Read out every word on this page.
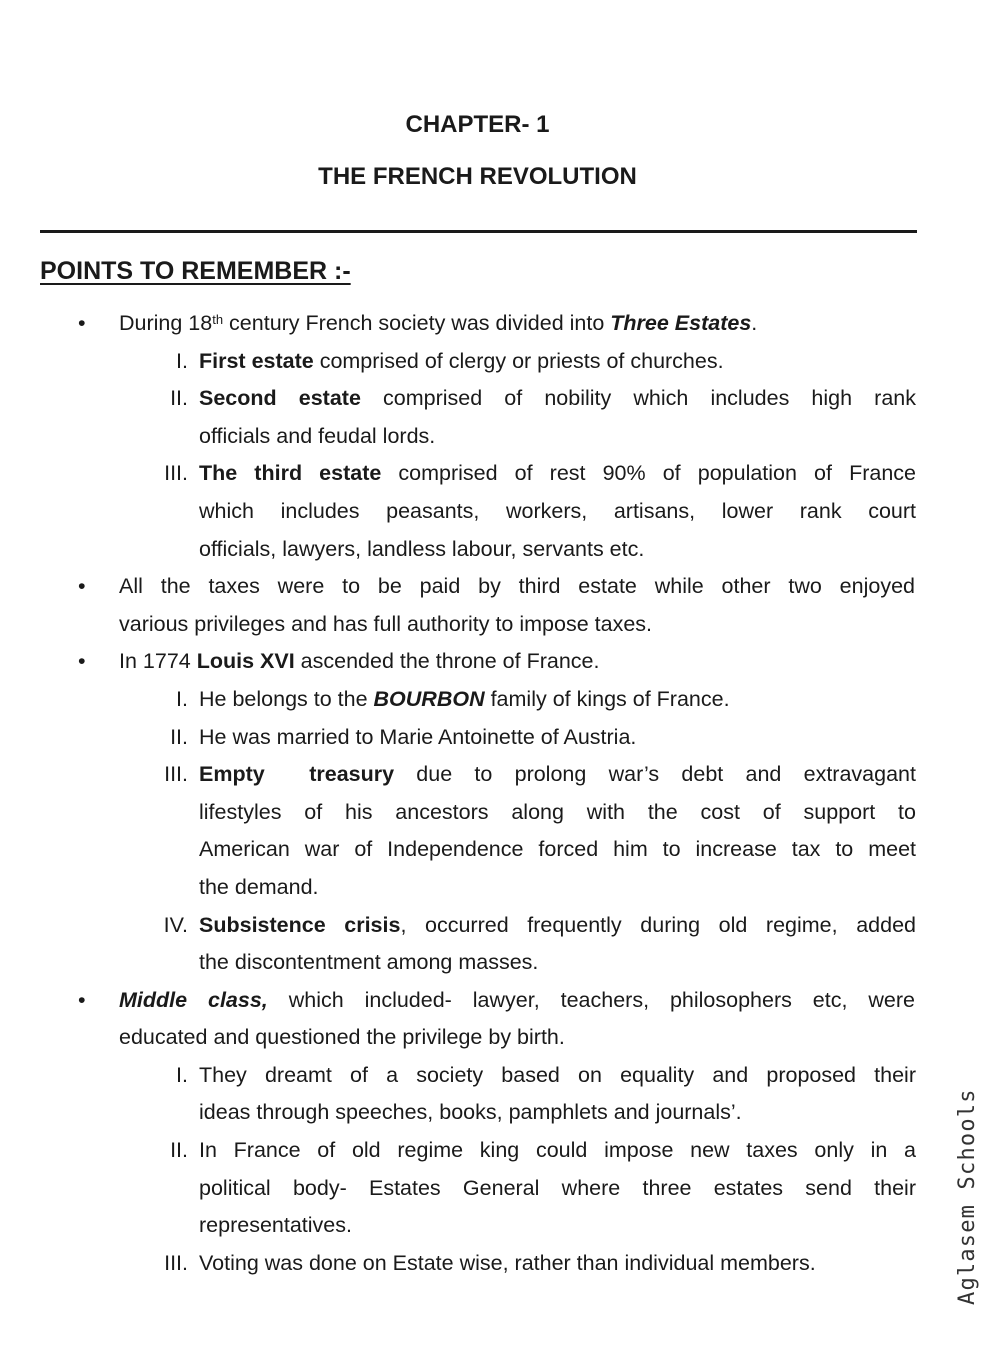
CHAPTER- 1
THE FRENCH REVOLUTION
POINTS TO REMEMBER :-
• During 18th century French society was divided into Three Estates.
I. First estate comprised of clergy or priests of churches.
II. Second estate comprised of nobility which includes high rank
officials and feudal lords.
III. The third estate comprised of rest 90% of population of France
which includes peasants, workers, artisans, lower rank court
officials, lawyers, landless labour, servants etc.
• All the taxes were to be paid by third estate while other two enjoyed
various privileges and has full authority to impose taxes.
• In 1774 Louis XVI ascended the throne of France.
I. He belongs to the BOURBON family of kings of France.
II. He was married to Marie Antoinette of Austria.
III. Empty  treasury due to prolong war’s debt and extravagant
lifestyles of his ancestors along with the cost of support to
American war of Independence forced him to increase tax to meet
the demand.
IV. Subsistence crisis, occurred frequently during old regime, added
the discontentment among masses.
• Middle class, which included- lawyer, teachers, philosophers etc, were
educated and questioned the privilege by birth.
I. They dreamt of a society based on equality and proposed their
ideas through speeches, books, pamphlets and journals’.
II. In France of old regime king could impose new taxes only in a
political body- Estates General where three estates send their
representatives.
III. Voting was done on Estate wise, rather than individual members.	Aglasem Schools
